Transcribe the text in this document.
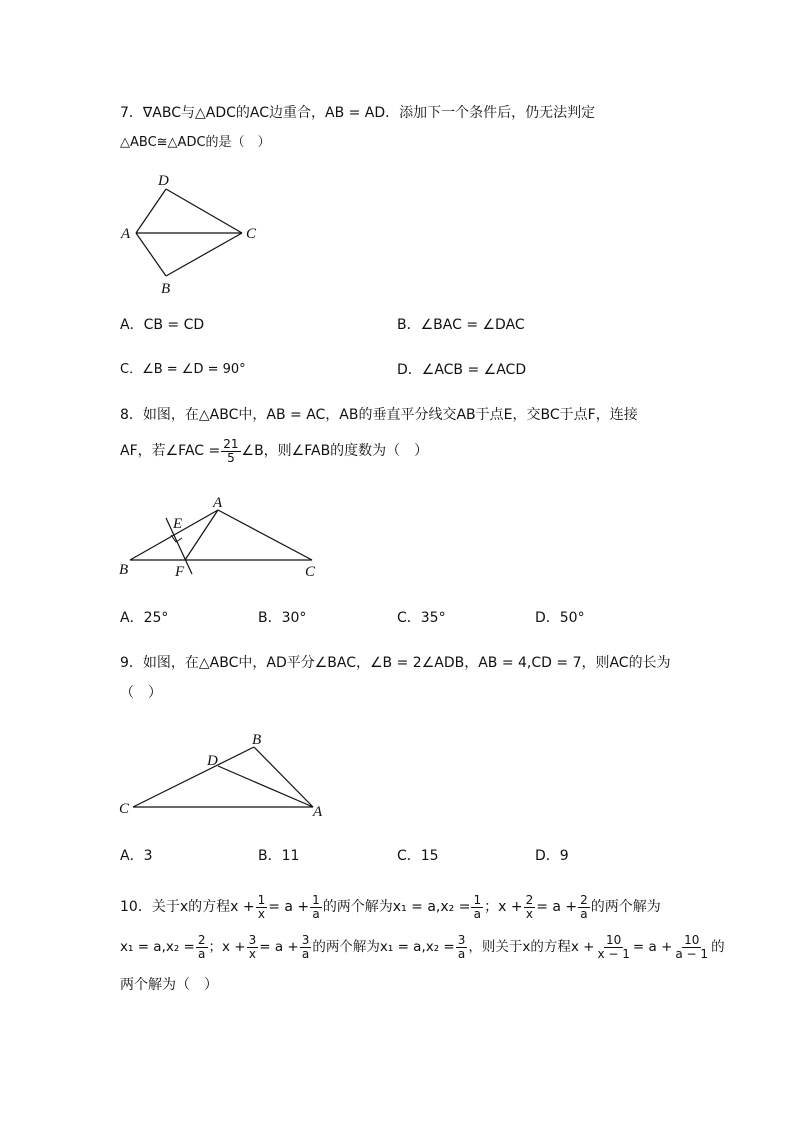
7．∇ABC与△ADC的AC边重合，AB = AD．添加下一个条件后，仍无法判定
△ABC≅△ADC的是（　）
D
A	C
B
A
E
B	F	C
B
D
C	A
A．CB = CD	B．∠BAC = ∠DAC
C．∠B = ∠D = 90°	D．∠ACB = ∠ACD
8．如图，在△ABC中，AB = AC，AB的垂直平分线交AB于点E，交BC于点F，连接
AF，若∠FAC = $\frac{21}{5}$ ∠B，则∠FAB的度数为（　）
A．25°	B．30°	C．35°	D．50°
9．如图，在△ABC中，AD平分∠BAC，∠B = 2∠ADB，AB = 4,CD = 7，则AC的长为
（　）
A．3	B．11	C．15	D．9
10．关于x的方程$x + \frac{1}{x} = a + \frac{1}{a}$ 的两个解为$x_1 = a,x_2 = \frac{1}{a}$ ；$x + \frac{2}{x} = a + \frac{2}{a}$ 的两个解为
$x_1 = a,x_2 = \frac{2}{a}$ ；$x + \frac{3}{x} = a + \frac{3}{a}$ 的两个解为$x_1 = a,x_2 = \frac{3}{a}$ ，则关于x的方程$x + \frac{10}{x - 1} = a + \frac{10}{a - 1}$ 的
两个解为（　）
